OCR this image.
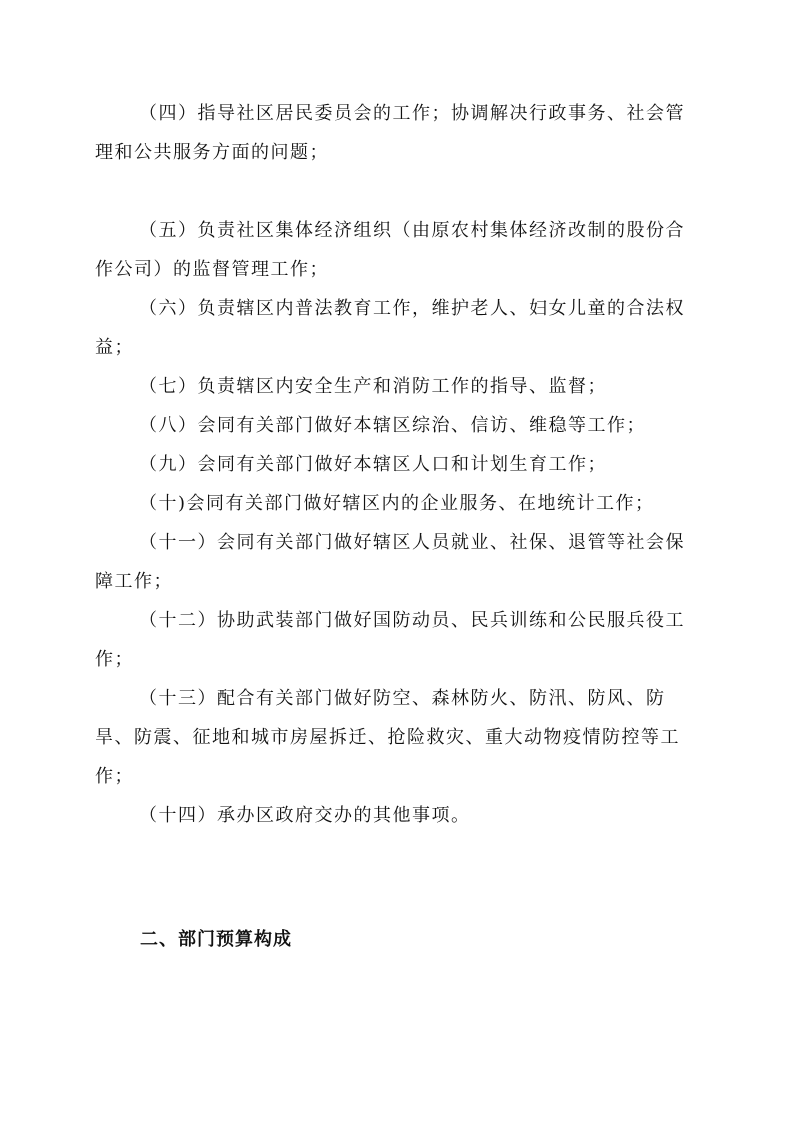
（四）指导社区居民委员会的工作；协调解决行政事务、社会管理和公共服务方面的问题；

（五）负责社区集体经济组织（由原农村集体经济改制的股份合作公司）的监督管理工作；

（六）负责辖区内普法教育工作，维护老人、妇女儿童的合法权益；

（七）负责辖区内安全生产和消防工作的指导、监督；

（八）会同有关部门做好本辖区综治、信访、维稳等工作；

（九）会同有关部门做好本辖区人口和计划生育工作；

（十)会同有关部门做好辖区内的企业服务、在地统计工作；

（十一）会同有关部门做好辖区人员就业、社保、退管等社会保障工作；

（十二）协助武装部门做好国防动员、民兵训练和公民服兵役工作；

（十三）配合有关部门做好防空、森林防火、防汛、防风、防旱、防震、征地和城市房屋拆迁、抢险救灾、重大动物疫情防控等工作；

（十四）承办区政府交办的其他事项。

二、部门预算构成
